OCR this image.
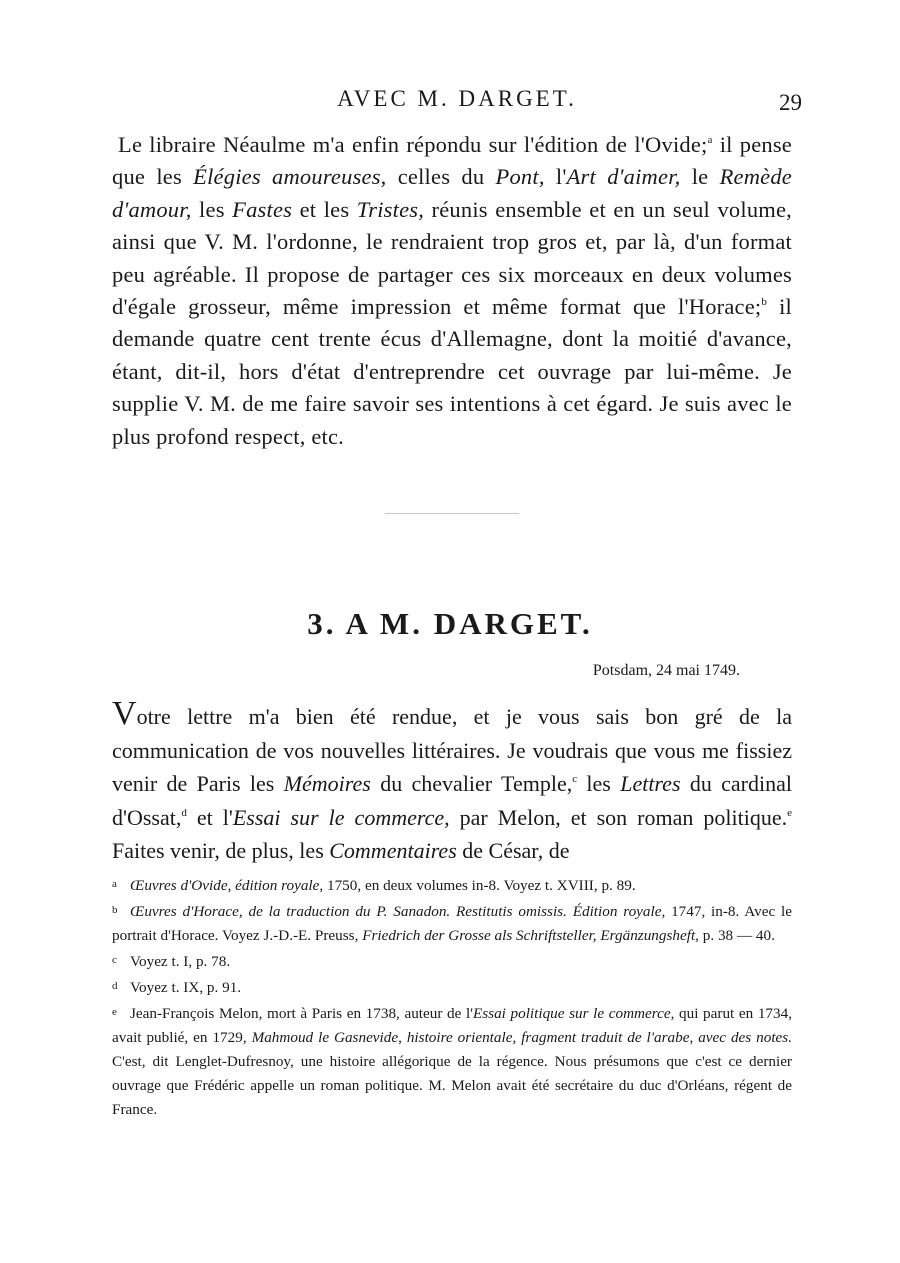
AVEC M. DARGET.	29

Le libraire Néaulme m'a enfin répondu sur l'édition de l'Ovide;$^a$ il pense que les Élégies amoureuses, celles du Pont, l'Art d'aimer, le Remède d'amour, les Fastes et les Tristes, réunis ensemble et en un seul volume, ainsi que V. M. l'ordonne, le rendraient trop gros et, par là, d'un format peu agréable. Il propose de partager ces six morceaux en deux volumes d'égale grosseur, même impression et même format que l'Horace;$^b$ il demande quatre cent trente écus d'Allemagne, dont la moitié d'avance, étant, dit-il, hors d'état d'entreprendre cet ouvrage par lui-même. Je supplie V. M. de me faire savoir ses intentions à cet égard. Je suis avec le plus profond respect, etc.

3. A M. DARGET.
Potsdam, 24 mai 1749.

Votre lettre m'a bien été rendue, et je vous sais bon gré de la communication de vos nouvelles littéraires. Je voudrais que vous me fissiez venir de Paris les Mémoires du chevalier Temple,$^c$ les Lettres du cardinal d'Ossat,$^d$ et l'Essai sur le commerce, par Melon, et son roman politique.$^e$ Faites venir, de plus, les Commentaires de César, de

a Œuvres d'Ovide, édition royale, 1750, en deux volumes in-8. Voyez t. XVIII, p. 89.

b Œuvres d'Horace, de la traduction du P. Sanadon. Restitutis omissis. Édition royale, 1747, in-8. Avec le portrait d'Horace. Voyez J.-D.-E. Preuss, Friedrich der Grosse als Schriftsteller, Ergänzungsheft, p. 38 — 40.

c Voyez t. I, p. 78.

d Voyez t. IX, p. 91.

e Jean-François Melon, mort à Paris en 1738, auteur de l'Essai politique sur le commerce, qui parut en 1734, avait publié, en 1729, Mahmoud le Gasnevide, histoire orientale, fragment traduit de l'arabe, avec des notes. C'est, dit Lenglet-Dufresnoy, une histoire allégorique de la régence. Nous présumons que c'est ce dernier ouvrage que Frédéric appelle un roman politique. M. Melon avait été secrétaire du duc d'Orléans, régent de France.
